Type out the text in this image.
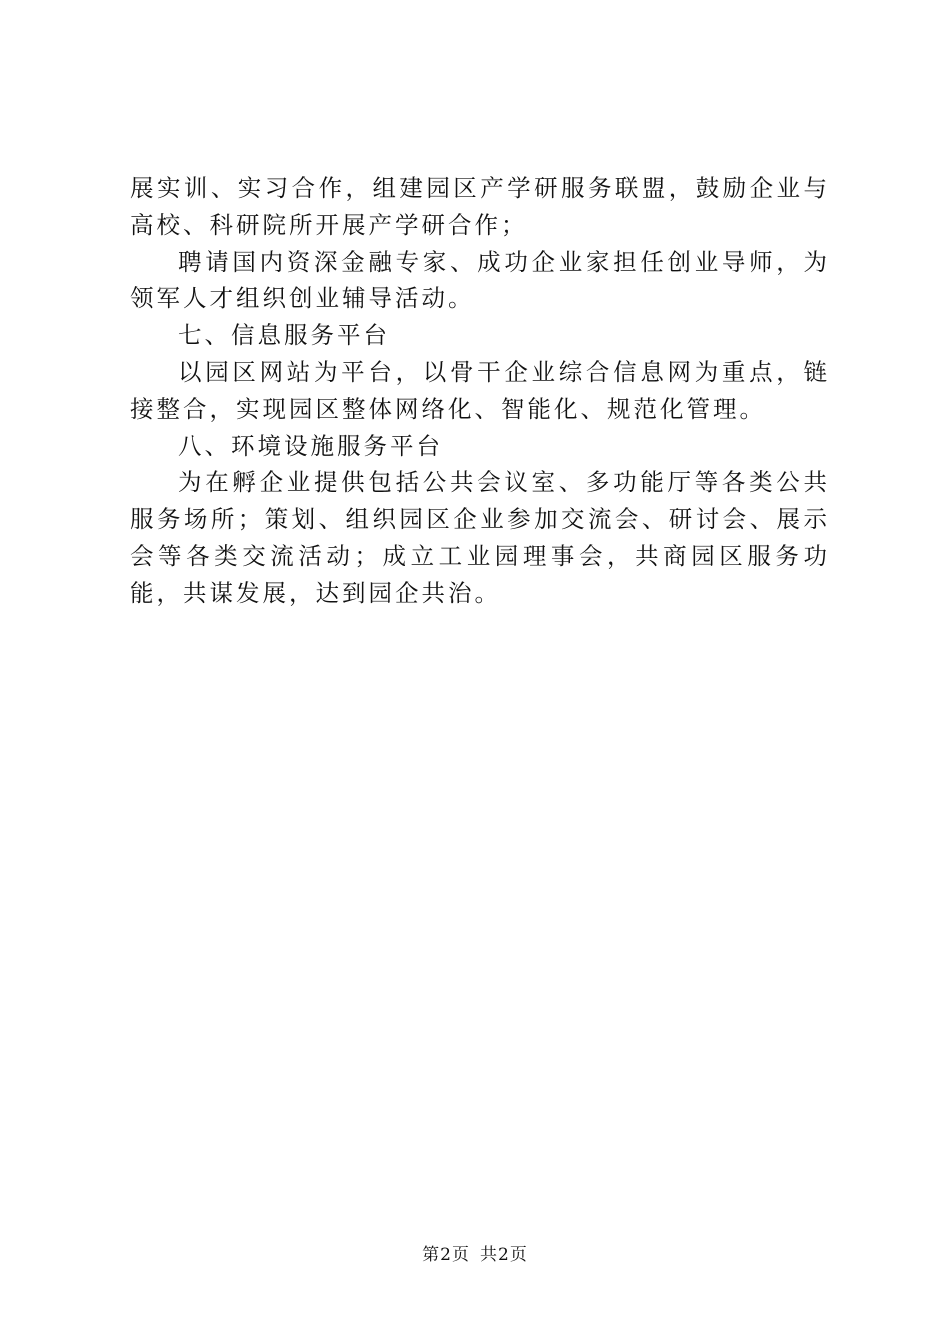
展实训、实习合作，组建园区产学研服务联盟，鼓励企业与高校、科研院所开展产学研合作；

聘请国内资深金融专家、成功企业家担任创业导师，为领军人才组织创业辅导活动。

七、信息服务平台

以园区网站为平台，以骨干企业综合信息网为重点，链接整合，实现园区整体网络化、智能化、规范化管理。

八、环境设施服务平台

为在孵企业提供包括公共会议室、多功能厅等各类公共服务场所；策划、组织园区企业参加交流会、研讨会、展示会等各类交流活动；成立工业园理事会，共商园区服务功能，共谋发展，达到园企共治。

第2页 共2页
